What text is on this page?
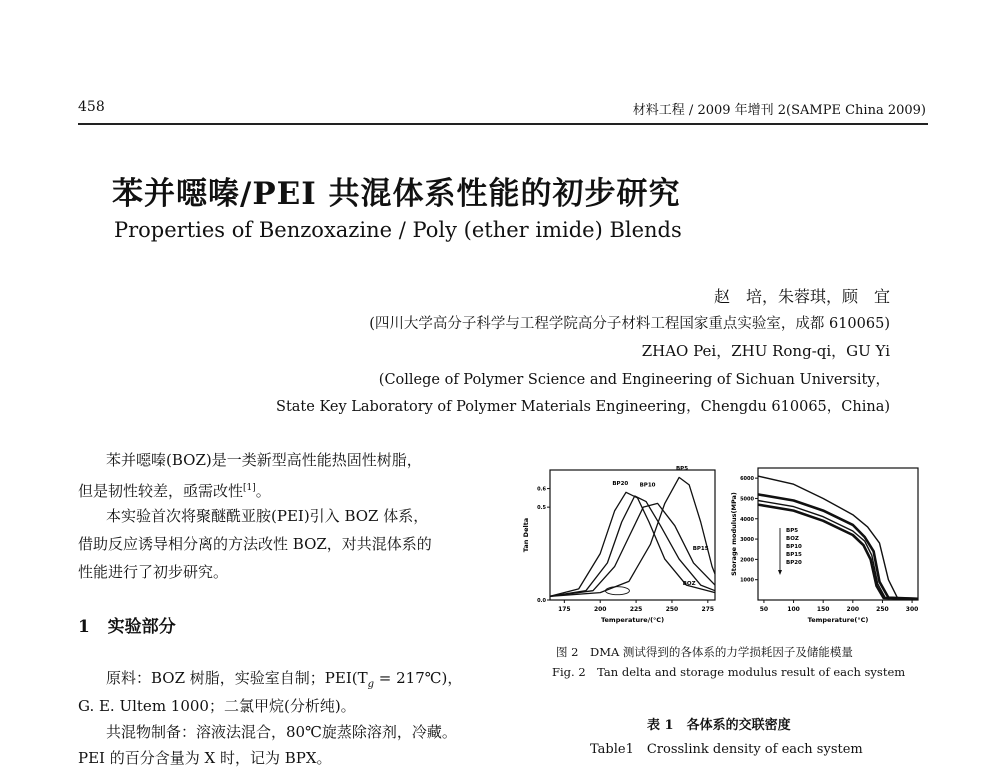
458	材料工程 / 2009 年增刊 2(SAMPE China 2009)
苯并噁嗪/PEI 共混体系性能的初步研究
Properties of Benzoxazine / Poly (ether imide) Blends
赵　培，朱蓉琪，顾　宜
(四川大学高分子科学与工程学院高分子材料工程国家重点实验室，成都 610065)
ZHAO Pei，ZHU Rong-qi，GU Yi
(College of Polymer Science and Engineering of Sichuan University，
State Key Laboratory of Polymer Materials Engineering，Chengdu 610065，China)
苯并噁嗪(BOZ)是一类新型高性能热固性树脂，
但是韧性较差，亟需改性[1]。
本实验首次将聚醚酰亚胺(PEI)引入 BOZ 体系，
借助反应诱导相分离的方法改性 BOZ，对共混体系的
性能进行了初步研究。
1 实验部分
原料：BOZ 树脂，实验室自制；$PEI(T_g$ = 217℃)，
G. E. Ultem 1000；二氯甲烷(分析纯)。
共混物制备：溶液法混合，80℃旋蒸除溶剂，冷藏。
PEI 的百分含量为 X 时，记为 BPX。
175	200	225	250	275
0.0
0.5
0.6
Temperature/(°C)
Tan Delta
BP20 BP10
BP5
BP15
BOZ
50	100	150	200	250	300
1000
2000
3000
4000
5000
6000
Temperature(°C)
Storage modulus(MPa)	BP5
BOZ
BP10
BP15
BP20
图 2　DMA 测试得到的各体系的力学损耗因子及储能模量
Fig. 2　Tan delta and storage modulus result of each system
表 1　各体系的交联密度
Table1　Crosslink density of each system
